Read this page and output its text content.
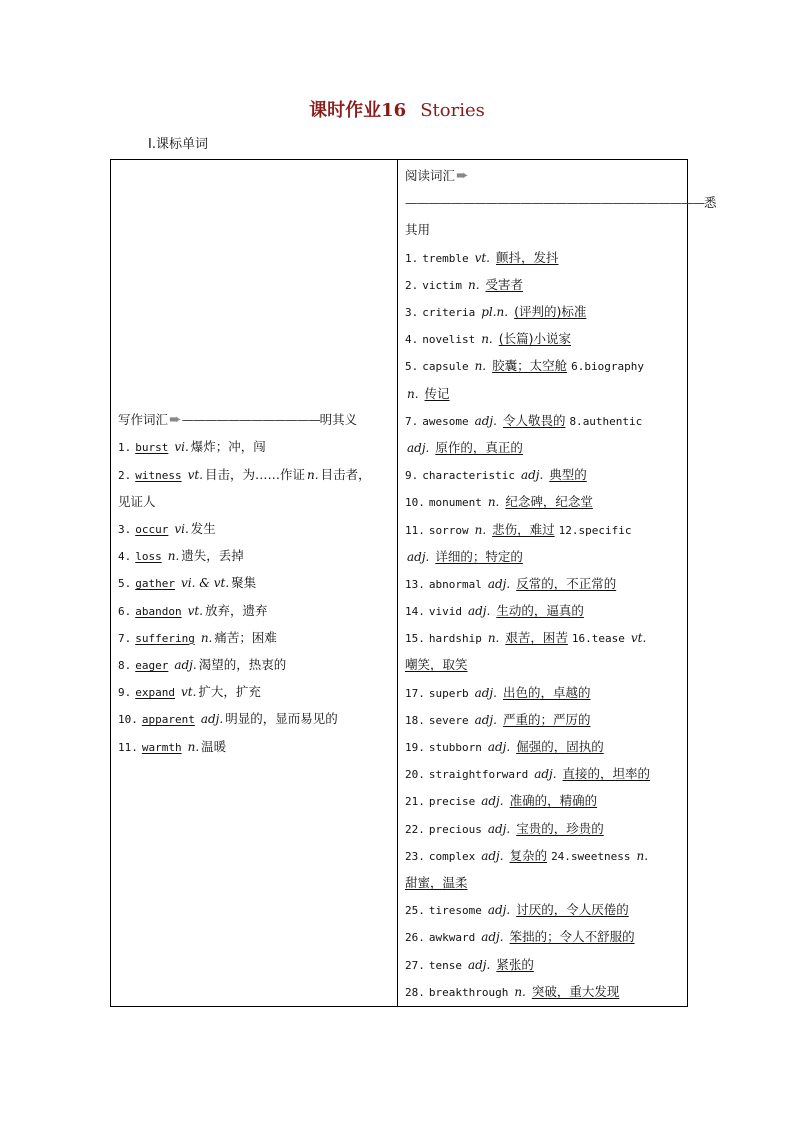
课时作业16 Stories
Ⅰ.课标单词
写作词汇➨————————————明其义
1. burst vi. 爆炸；冲，闯
2. witness vt. 目击，为……作证 n. 目击者，
见证人
3. occur vi. 发生
4. loss n. 遗失，丢掉
5. gather vi. & vt. 聚集
6. abandon vt. 放弃，遗弃
7. suffering n. 痛苦；困难
8. eager adj. 渴望的，热衷的
9. expand vt. 扩大，扩充
10. apparent adj. 明显的，显而易见的
11. warmth n. 温暖

阅读词汇➨
——————————————————————————悉
其用
1. tremble vt. 颤抖，发抖
2. victim n. 受害者
3. criteria pl.n. (评判的)标准
4. novelist n. (长篇)小说家
5. capsule n. 胶囊；太空舱 6.biography
n. 传记
7. awesome adj. 令人敬畏的 8.authentic
adj. 原作的，真正的
9. characteristic adj. 典型的
10. monument n. 纪念碑，纪念堂
11. sorrow n. 悲伤，难过 12.specific
adj. 详细的；特定的
13. abnormal adj. 反常的，不正常的
14. vivid adj. 生动的，逼真的
15. hardship n. 艰苦，困苦 16.tease vt.
嘲笑，取笑
17. superb adj. 出色的，卓越的
18. severe adj. 严重的；严厉的
19. stubborn adj. 倔强的，固执的
20. straightforward adj. 直接的，坦率的
21. precise adj. 准确的，精确的
22. precious adj. 宝贵的，珍贵的
23. complex adj. 复杂的 24.sweetness n.
甜蜜，温柔
25. tiresome adj. 讨厌的，令人厌倦的
26. awkward adj. 笨拙的；令人不舒服的
27. tense adj. 紧张的
28. breakthrough n. 突破，重大发现
